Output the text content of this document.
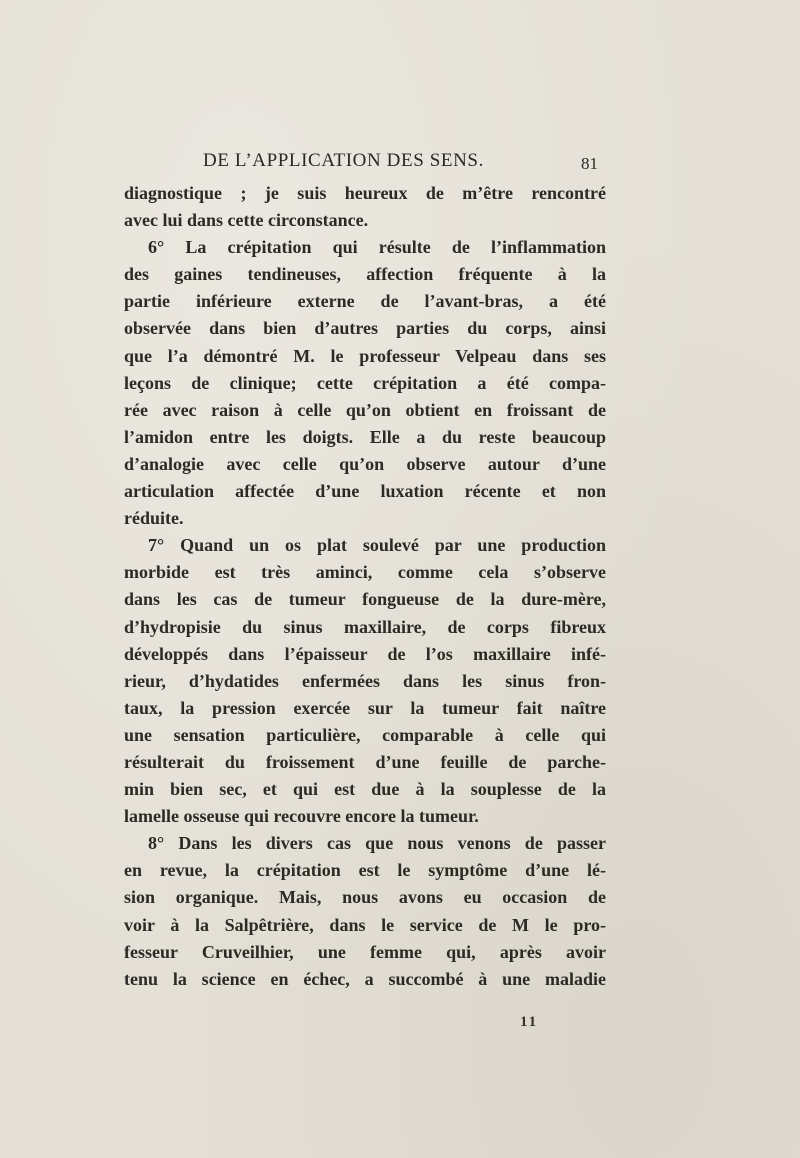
DE L’APPLICATION DES SENS.	81
diagnostique ; je suis heureux de m’être rencontré
avec lui dans cette circonstance.
6° La crépitation qui résulte de l’inflammation
des gaines tendineuses, affection fréquente à la
partie inférieure externe de l’avant-bras, a été
observée dans bien d’autres parties du corps, ainsi
que l’a démontré M. le professeur Velpeau dans ses
leçons de clinique; cette crépitation a été compa-
rée avec raison à celle qu’on obtient en froissant de
l’amidon entre les doigts. Elle a du reste beaucoup
d’analogie avec celle qu’on observe autour d’une
articulation affectée d’une luxation récente et non
réduite.
7° Quand un os plat soulevé par une production
morbide est très aminci, comme cela s’observe
dans les cas de tumeur fongueuse de la dure-mère,
d’hydropisie du sinus maxillaire, de corps fibreux
développés dans l’épaisseur de l’os maxillaire infé-
rieur, d’hydatides enfermées dans les sinus fron-
taux, la pression exercée sur la tumeur fait naître
une sensation particulière, comparable à celle qui
résulterait du froissement d’une feuille de parche-
min bien sec, et qui est due à la souplesse de la
lamelle osseuse qui recouvre encore la tumeur.
8° Dans les divers cas que nous venons de passer
en revue, la crépitation est le symptôme d’une lé-
sion organique. Mais, nous avons eu occasion de
voir à la Salpêtrière, dans le service de M le pro-
fesseur Cruveilhier, une femme qui, après avoir
tenu la science en échec, a succombé à une maladie
11
